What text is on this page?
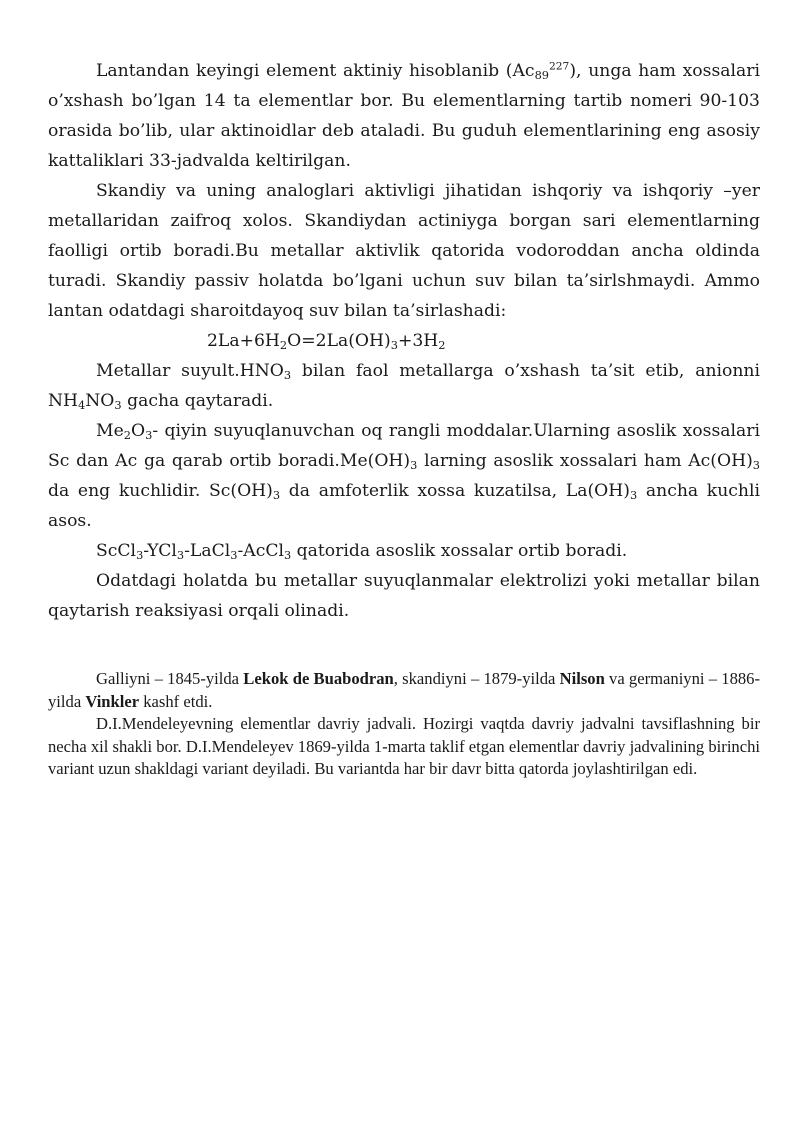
Lantandan keyingi element aktiniy hisoblanib $(Ac_{89}^{227})$, unga ham xossalari o’xshash bo’lgan 14 ta elementlar bor. Bu elementlarning tartib nomeri 90-103 orasida bo’lib, ular aktinoidlar deb ataladi. Bu guduh elementlarining eng asosiy kattaliklari 33-jadvalda keltirilgan.

Skandiy va uning analoglari aktivligi jihatidan ishqoriy va ishqoriy –yer metallaridan zaifroq xolos. Skandiydan actiniyga borgan sari elementlarning faolligi ortib boradi.Bu metallar aktivlik qatorida vodoroddan ancha oldinda turadi. Skandiy passiv holatda bo’lgani uchun suv bilan ta’sirlshmaydi. Ammo lantan odatdagi sharoitdayoq suv bilan ta’sirlashadi:

$2La+6H_2O=2La(OH)_3+3H_2$

Metallar $suyult.HNO_3$ bilan faol metallarga o’xshash ta’sit etib, anionni $NH_4NO_3$ gacha qaytaradi.

$Me_2O_3-$ qiyin suyuqlanuvchan oq rangli moddalar.Ularning asoslik xossalari Sc dan Ac ga qarab ortib $boradi.Me(OH)_3$ larning asoslik xossalari ham $Ac(OH)_3$ da eng kuchlidir. $Sc(OH)_3$ da amfoterlik xossa kuzatilsa, $La(OH)_3$ ancha kuchli asos.

ScCl$_3$-YCl$_3$-LaCl$_3$-AcCl$_3$ qatorida asoslik xossalar ortib boradi.

Odatdagi holatda bu metallar suyuqlanmalar elektrolizi yoki metallar bilan qaytarish reaksiyasi orqali olinadi.

Galliyni – 1845-yilda Lekok de Buabodran, skandiyni – 1879-yilda Nilson va germaniyni – 1886-yilda Vinkler kashf etdi.

D.I.Mendeleyevning elementlar davriy jadvali. Hozirgi vaqtda davriy jadvalni tavsiflashning bir necha xil shakli bor. D.I.Mendeleyev 1869-yilda 1-marta taklif etgan elementlar davriy jadvalining birinchi variant uzun shakldagi variant deyiladi. Bu variantda har bir davr bitta qatorda joylashtirilgan edi.
